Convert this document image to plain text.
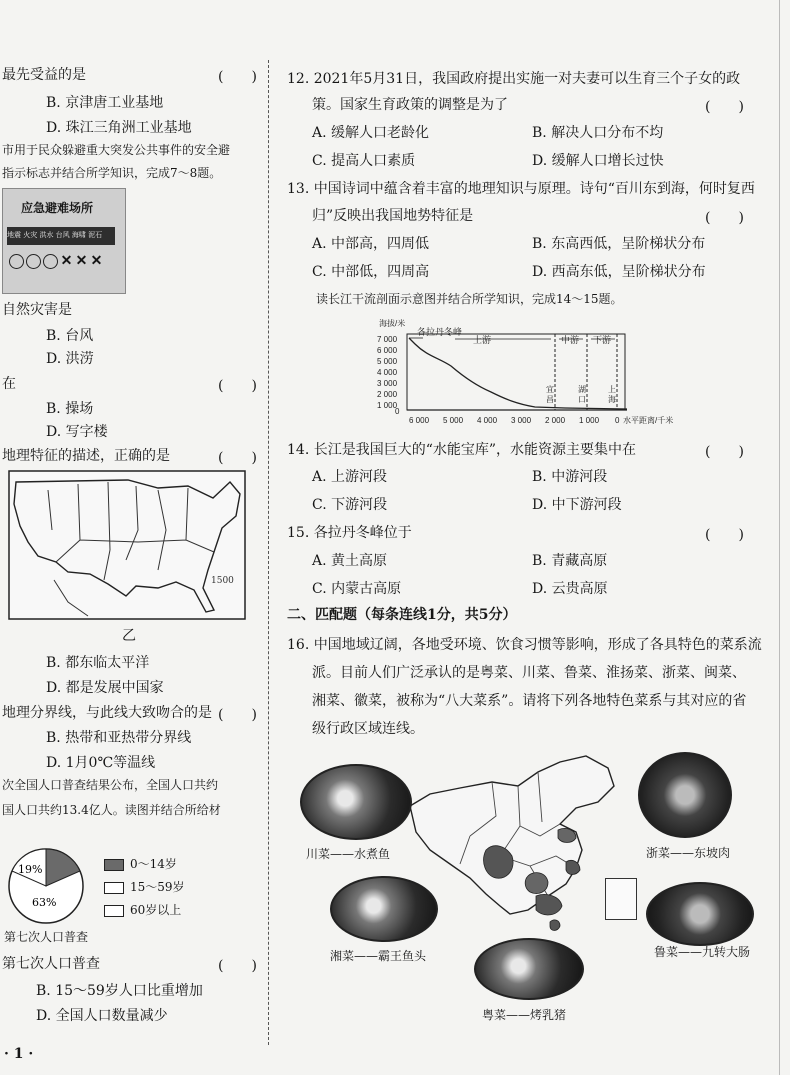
最先受益的是	(　　)
B. 京津唐工业基地
D. 珠江三角洲工业基地
市用于民众躲避重大突发公共事件的安全避
指示标志并结合所学知识，完成7～8题。
应急避难场所
地震 火灾 洪水 台风 海啸 泥石
✕ ✕ ✕
自然灾害是
B. 台风
D. 洪涝
在	(　　)
B. 操场
D. 写字楼
地理特征的描述，正确的是	(　　)
1500
乙
B. 都东临太平洋
D. 都是发展中国家
地理分界线，与此线大致吻合的是 (　　)
B. 热带和亚热带分界线
D. 1月0℃等温线
次全国人口普查结果公布，全国人口共约
国人口共约13.4亿人。读图并结合所给材
19%
63%
0～14岁
15～59岁
60岁以上
第七次人口普查
第七次人口普查	(　　)
B. 15～59岁人口比重增加
D. 全国人口数量减少
· 1 ·
12. 2021年5月31日，我国政府提出实施一对夫妻可以生育三个子女的政
策。国家生育政策的调整是为了	(　　)
A. 缓解人口老龄化	B. 解决人口分布不均
C. 提高人口素质	D. 缓解人口增长过快
13. 中国诗词中蕴含着丰富的地理知识与原理。诗句“百川东到海，何时复西
归”反映出我国地势特征是	(　　)
A. 中部高，四周低	B. 东高西低，呈阶梯状分布
C. 中部低，四周高	D. 西高东低，呈阶梯状分布
读长江干流剖面示意图并结合所学知识，完成14～15题。
海拔/米
7 000
6 000
5 000
4 000
3 000
2 000
1 000
0
各拉丹冬峰
上游	中游 下游
宜
昌
湖
口
上
海
6 000 5 000 4 000 3 000 2 000 1 000 0 水平距离/千米
14. 长江是我国巨大的“水能宝库”，水能资源主要集中在	(　　)
A. 上游河段	B. 中游河段
C. 下游河段	D. 中下游河段
15. 各拉丹冬峰位于	(　　)
A. 黄土高原	B. 青藏高原
C. 内蒙古高原	D. 云贵高原
二、匹配题（每条连线1分，共5分）
16. 中国地域辽阔，各地受环境、饮食习惯等影响，形成了各具特色的菜系流
派。目前人们广泛承认的是粤菜、川菜、鲁菜、淮扬菜、浙菜、闽菜、
湘菜、徽菜，被称为“八大菜系”。请将下列各地特色菜系与其对应的省
级行政区域连线。
川菜——水煮鱼	浙菜——东坡肉
湘菜——霸王鱼头	鲁菜——九转大肠
粤菜——烤乳猪
